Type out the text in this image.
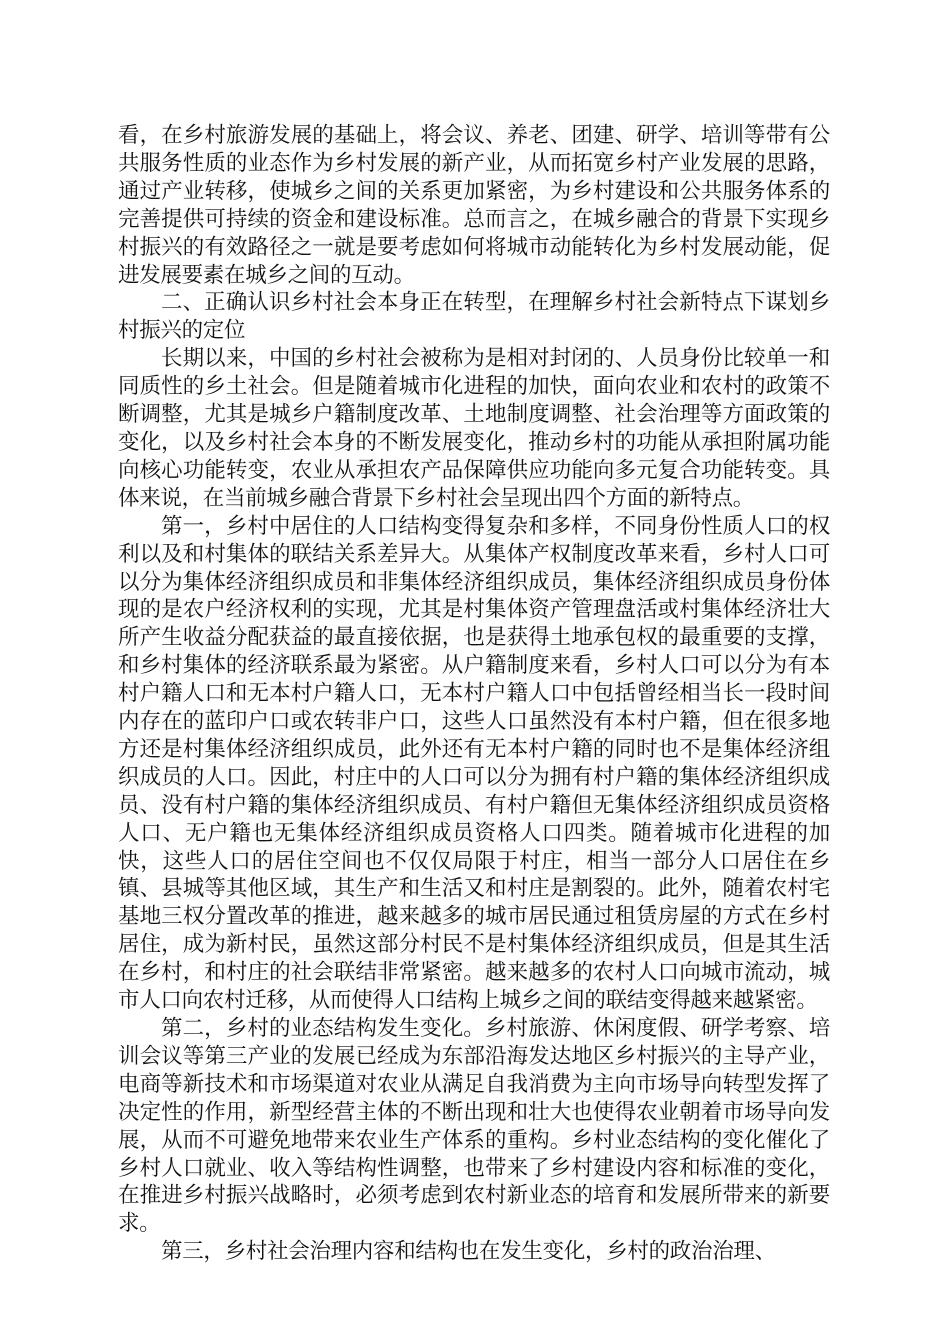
看，在乡村旅游发展的基础上，将会议、养老、团建、研学、培训等带有公共服务性质的业态作为乡村发展的新产业，从而拓宽乡村产业发展的思路，通过产业转移，使城乡之间的关系更加紧密，为乡村建设和公共服务体系的完善提供可持续的资金和建设标准。总而言之，在城乡融合的背景下实现乡村振兴的有效路径之一就是要考虑如何将城市动能转化为乡村发展动能，促进发展要素在城乡之间的互动。

二、正确认识乡村社会本身正在转型，在理解乡村社会新特点下谋划乡村振兴的定位

长期以来，中国的乡村社会被称为是相对封闭的、人员身份比较单一和同质性的乡土社会。但是随着城市化进程的加快，面向农业和农村的政策不断调整，尤其是城乡户籍制度改革、土地制度调整、社会治理等方面政策的变化，以及乡村社会本身的不断发展变化，推动乡村的功能从承担附属功能向核心功能转变，农业从承担农产品保障供应功能向多元复合功能转变。具体来说，在当前城乡融合背景下乡村社会呈现出四个方面的新特点。

第一，乡村中居住的人口结构变得复杂和多样，不同身份性质人口的权利以及和村集体的联结关系差异大。从集体产权制度改革来看，乡村人口可以分为集体经济组织成员和非集体经济组织成员，集体经济组织成员身份体现的是农户经济权利的实现，尤其是村集体资产管理盘活或村集体经济壮大所产生收益分配获益的最直接依据，也是获得土地承包权的最重要的支撑，和乡村集体的经济联系最为紧密。从户籍制度来看，乡村人口可以分为有本村户籍人口和无本村户籍人口，无本村户籍人口中包括曾经相当长一段时间内存在的蓝印户口或农转非户口，这些人口虽然没有本村户籍，但在很多地方还是村集体经济组织成员，此外还有无本村户籍的同时也不是集体经济组织成员的人口。因此，村庄中的人口可以分为拥有村户籍的集体经济组织成员、没有村户籍的集体经济组织成员、有村户籍但无集体经济组织成员资格人口、无户籍也无集体经济组织成员资格人口四类。随着城市化进程的加快，这些人口的居住空间也不仅仅局限于村庄，相当一部分人口居住在乡镇、县城等其他区域，其生产和生活又和村庄是割裂的。此外，随着农村宅基地三权分置改革的推进，越来越多的城市居民通过租赁房屋的方式在乡村居住，成为新村民，虽然这部分村民不是村集体经济组织成员，但是其生活在乡村，和村庄的社会联结非常紧密。越来越多的农村人口向城市流动，城市人口向农村迁移，从而使得人口结构上城乡之间的联结变得越来越紧密。

第二，乡村的业态结构发生变化。乡村旅游、休闲度假、研学考察、培训会议等第三产业的发展已经成为东部沿海发达地区乡村振兴的主导产业，电商等新技术和市场渠道对农业从满足自我消费为主向市场导向转型发挥了决定性的作用，新型经营主体的不断出现和壮大也使得农业朝着市场导向发展，从而不可避免地带来农业生产体系的重构。乡村业态结构的变化催化了乡村人口就业、收入等结构性调整，也带来了乡村建设内容和标准的变化，在推进乡村振兴战略时，必须考虑到农村新业态的培育和发展所带来的新要求。

第三，乡村社会治理内容和结构也在发生变化，乡村的政治治理、
